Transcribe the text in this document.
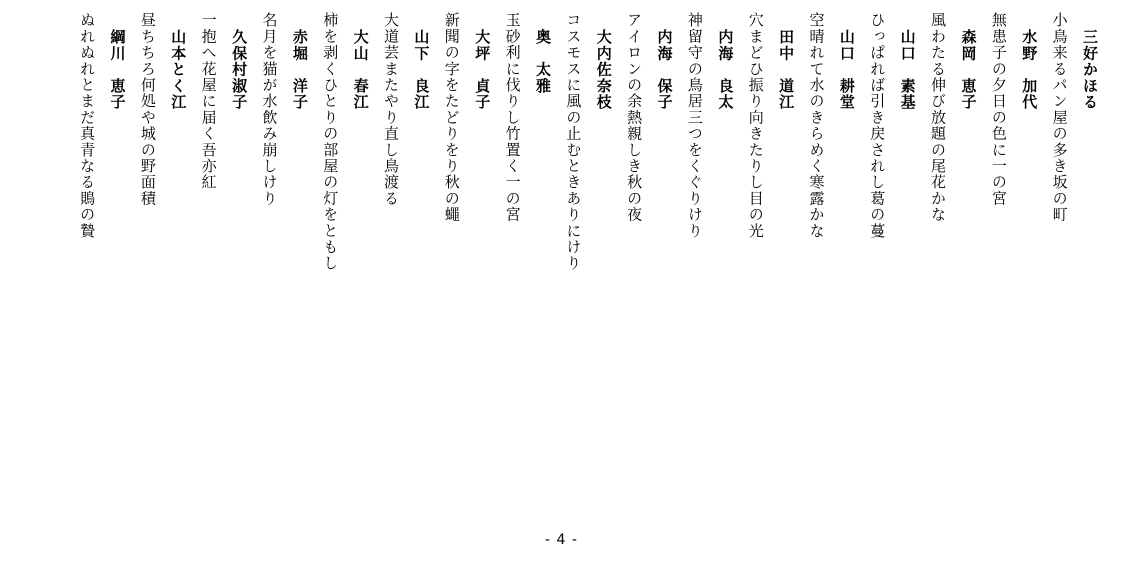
三好かほる
小鳥来るパン屋の多き坂の町
水野　加代
無患子の夕日の色に一の宮
森岡　恵子
風わたる伸び放題の尾花かな
山口　素基
ひっぱれば引き戻されし葛の蔓
山口　耕堂
空晴れて水のきらめく寒露かな
田中　道江
穴まどひ振り向きたりし目の光
内海　良太
神留守の鳥居三つをくぐりけり
内海　保子
アイロンの余熱親しき秋の夜
大内佐奈枝
コスモスに風の止むときありにけり
奥　太雅
玉砂利に伐りし竹置く一の宮
大坪　貞子
新聞の字をたどりをり秋の蠅
山下　良江
大道芸またやり直し鳥渡る
大山　春江
柿を剥くひとりの部屋の灯をともし
赤堀　洋子
名月を猫が水飲み崩しけり
久保村淑子
一抱へ花屋に届く吾亦紅
山本とく江
昼ちちろ何処や城の野面積
綱川　恵子
ぬれぬれとまだ真青なる鵙の贄
- 4 -
